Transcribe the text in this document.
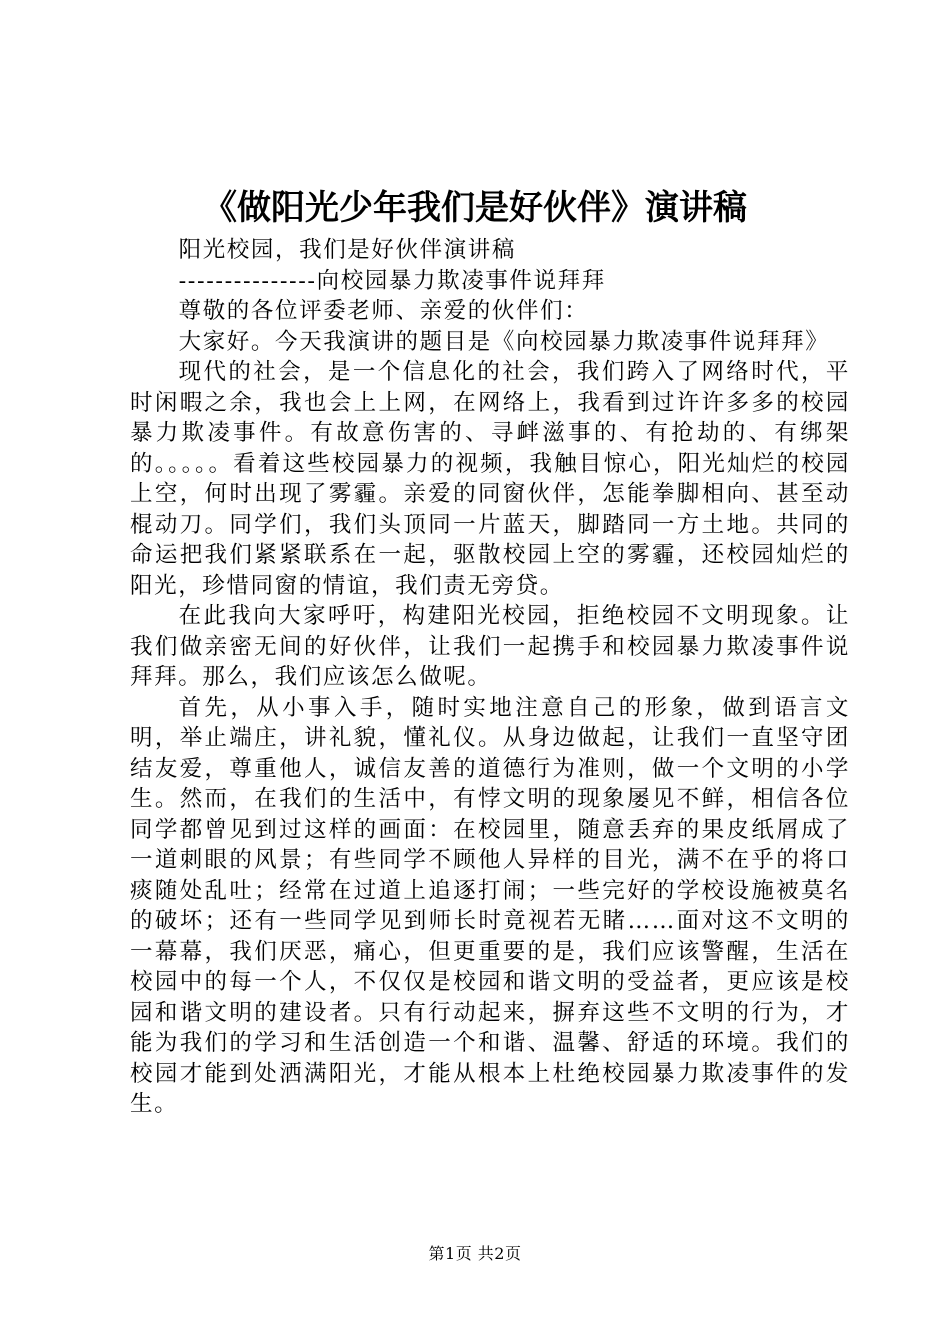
《做阳光少年我们是好伙伴》演讲稿

阳光校园，我们是好伙伴演讲稿

---------------向校园暴力欺凌事件说拜拜

尊敬的各位评委老师、亲爱的伙伴们：

大家好。今天我演讲的题目是《向校园暴力欺凌事件说拜拜》

现代的社会，是一个信息化的社会，我们跨入了网络时代，平时闲暇之余，我也会上上网，在网络上，我看到过许许多多的校园暴力欺凌事件。有故意伤害的、寻衅滋事的、有抢劫的、有绑架的。。。。。看着这些校园暴力的视频，我触目惊心，阳光灿烂的校园上空，何时出现了雾霾。亲爱的同窗伙伴，怎能拳脚相向、甚至动棍动刀。同学们，我们头顶同一片蓝天，脚踏同一方土地。共同的命运把我们紧紧联系在一起，驱散校园上空的雾霾，还校园灿烂的阳光，珍惜同窗的情谊，我们责无旁贷。

在此我向大家呼吁，构建阳光校园，拒绝校园不文明现象。让我们做亲密无间的好伙伴，让我们一起携手和校园暴力欺凌事件说拜拜。那么，我们应该怎么做呢。

首先，从小事入手，随时实地注意自己的形象，做到语言文明，举止端庄，讲礼貌，懂礼仪。从身边做起，让我们一直坚守团结友爱，尊重他人，诚信友善的道德行为准则，做一个文明的小学生。然而，在我们的生活中，有悖文明的现象屡见不鲜，相信各位同学都曾见到过这样的画面：在校园里，随意丢弃的果皮纸屑成了一道刺眼的风景；有些同学不顾他人异样的目光，满不在乎的将口痰随处乱吐；经常在过道上追逐打闹；一些完好的学校设施被莫名的破坏；还有一些同学见到师长时竟视若无睹……面对这不文明的一幕幕，我们厌恶，痛心，但更重要的是，我们应该警醒，生活在校园中的每一个人，不仅仅是校园和谐文明的受益者，更应该是校园和谐文明的建设者。只有行动起来，摒弃这些不文明的行为，才能为我们的学习和生活创造一个和谐、温馨、舒适的环境。我们的校园才能到处洒满阳光，才能从根本上杜绝校园暴力欺凌事件的发生。

第1页 共2页
